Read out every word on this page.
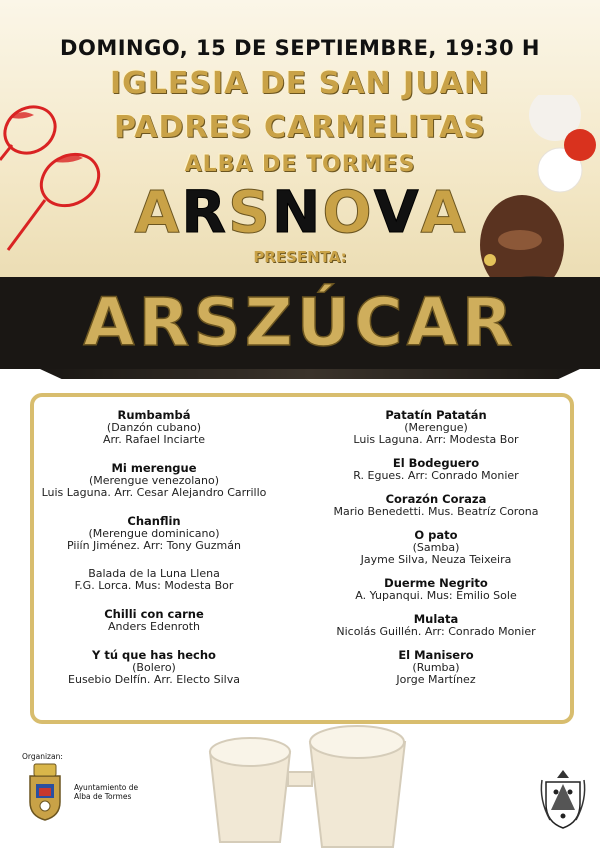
DOMINGO, 15 DE SEPTIEMBRE, 19:30 H
IGLESIA DE SAN JUAN
PADRES CARMELITAS
ALBA DE TORMES
A R S N O V A
PRESENTA:
ARSZÚCAR
Rumbambá
(Danzón cubano)
Arr. Rafael Inciarte
Mi merengue
(Merengue venezolano)
Luis Laguna. Arr. Cesar Alejandro Carrillo
Chanflin
(Merengue dominicano)
Piiín Jiménez. Arr: Tony Guzmán
Balada de la Luna Llena
F.G. Lorca. Mus: Modesta Bor
Chilli con carne
Anders Edenroth
Y tú que has hecho
(Bolero)
Eusebio Delfín. Arr. Electo Silva
Patatín Patatán
(Merengue)
Luis Laguna. Arr: Modesta Bor
El Bodeguero
R. Egues. Arr: Conrado Monier
Corazón Coraza
Mario Benedetti. Mus. Beatríz Corona
O pato
(Samba)
Jayme Silva, Neuza Teixeira
Duerme Negrito
A. Yupanqui. Mus: Emilio Sole
Mulata
Nicolás Guillén. Arr: Conrado Monier
El Manisero
(Rumba)
Jorge Martínez
Organizan:
Ayuntamiento de
Alba de Tormes
